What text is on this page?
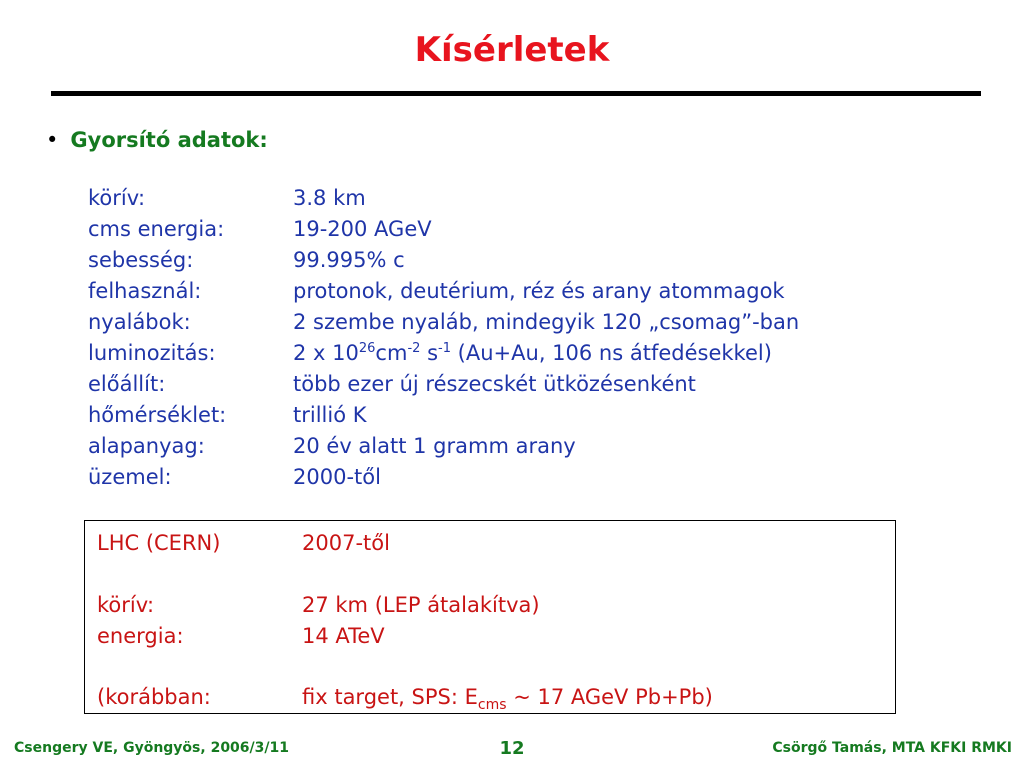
Kísérletek
• Gyorsító adatok:
körív:	3.8 km
cms energia:	19-200 AGeV
sebesség:	99.995% c
felhasznál:	protonok, deutérium, réz és arany atommagok
nyalábok:	2 szembe nyaláb, mindegyik 120 „csomag”-ban
luminozitás:	2 x $10^{26}cm^{-2}$ $s^{-1}$ (Au+Au, 106 ns átfedésekkel)
előállít:	több ezer új részecskét ütközésenként
hőmérséklet:	trillió K
alapanyag:	20 év alatt 1 gramm arany
üzemel:	2000-től
LHC (CERN)	2007-től
körív:	27 km (LEP átalakítva)
energia:	14 ATeV
(korábban:	fix target, SPS: $E_{cms}$ ~ 17 AGeV Pb+Pb)
Csengery VE, Gyöngyös, 2006/3/11	12	Csörgő Tamás, MTA KFKI RMKI
